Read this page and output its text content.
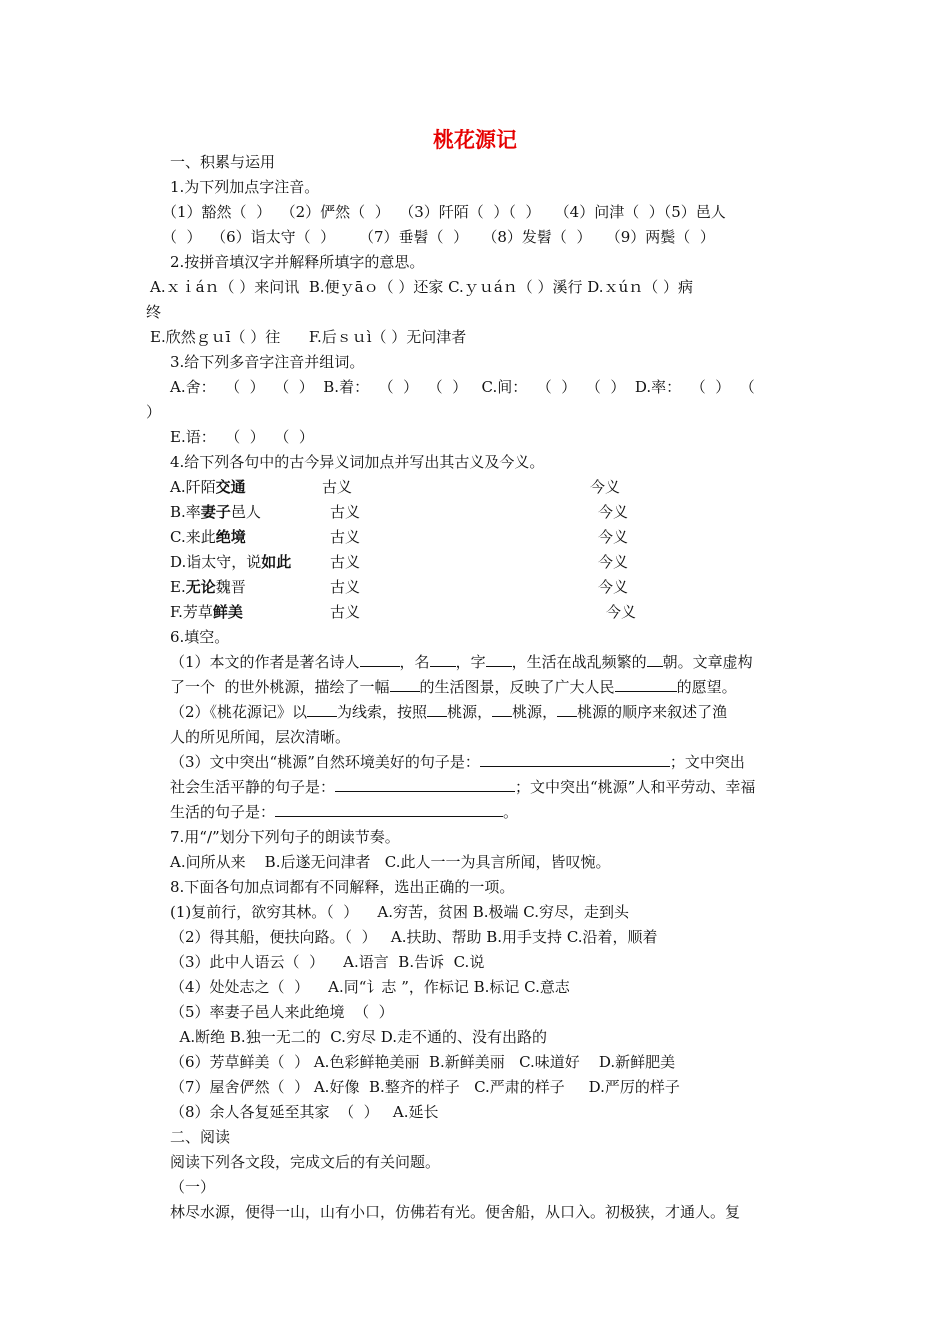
桃花源记
一、积累与运用
1.为下列加点字注音。
（1）豁然（  ）  （2）俨然（  ）  （3）阡陌（  ）（  ）   （4）问津（  ）（5）邑人
（  ）  （6）诣太守（  ）     （7）垂髫（  ）   （8）发髫（  ）   （9）两鬓（  ）
2.按拼音填汉字并解释所填字的意思。
A.ｘｉáｎ（ ）来问讯  B.便ｙāｏ（ ）还家 C.ｙｕáｎ（ ）溪行 D.ｘúｎ（ ）病
终
E.欣然ｇｕī（ ）往      F.后ｓｕì（ ）无问津者
3.给下列多音字注音并组词。
A.舍：  （  ）  （  ）  B.着：  （  ）  （  ）   C.间：  （  ）  （  ）  D.率：  （  ）  （
）
E.语：  （  ）  （  ）
4.给下列各句中的古今异义词加点并写出其古义及今义。
A.阡陌交通	古义	今义
B.率妻子邑人	古义	今义
C.来此绝境	古义	今义
D.诣太守，说如此	古义	今义
E.无论魏晋	古义	今义
F.芳草鲜美	古义	今义
6.填空。
（1）本文的作者是著名诗人	，名 ，字 ，生活在战乱频繁的 朝。文章虚构
了一个  的世外桃源，描绘了一幅 的生活图景，反映了广大人民	的愿望。
（2）《桃花源记》以 为线索，按照 桃源， 桃源， 桃源的顺序来叙述了渔
人的所见所闻，层次清晰。
（3）文中突出“桃源”自然环境美好的句子是：	；文中突出
社会生活平静的句子是：	；文中突出“桃源”人和平劳动、幸福
生活的句子是：	。
7.用“/”划分下列句子的朗读节奏。
A.问所从来    B.后遂无问津者   C.此人一一为具言所闻，皆叹惋。
8.下面各句加点词都有不同解释，选出正确的一项。
(1)复前行，欲穷其林。（  ）    A.穷苦，贫困 B.极端 C.穷尽，走到头
（2）得其船，便扶向路。（  ）   A.扶助、帮助 B.用手支持 C.沿着，顺着
（3）此中人语云（  ）    A.语言  B.告诉  C.说
（4）处处志之（  ）    A.同“讠志 ”，作标记 B.标记 C.意志
（5）率妻子邑人来此绝境  （  ）
A.断绝 B.独一无二的  C.穷尽 D.走不通的、没有出路的
（6）芳草鲜美（  ） A.色彩鲜艳美丽  B.新鲜美丽   C.味道好    D.新鲜肥美
（7）屋舍俨然（  ） A.好像  B.整齐的样子   C.严肃的样子     D.严厉的样子
（8）余人各复延至其家  （  ）   A.延长
二、阅读
阅读下列各文段，完成文后的有关问题。
（一）
林尽水源，便得一山，山有小口，仿佛若有光。便舍船，从口入。初极狭，才通人。复
